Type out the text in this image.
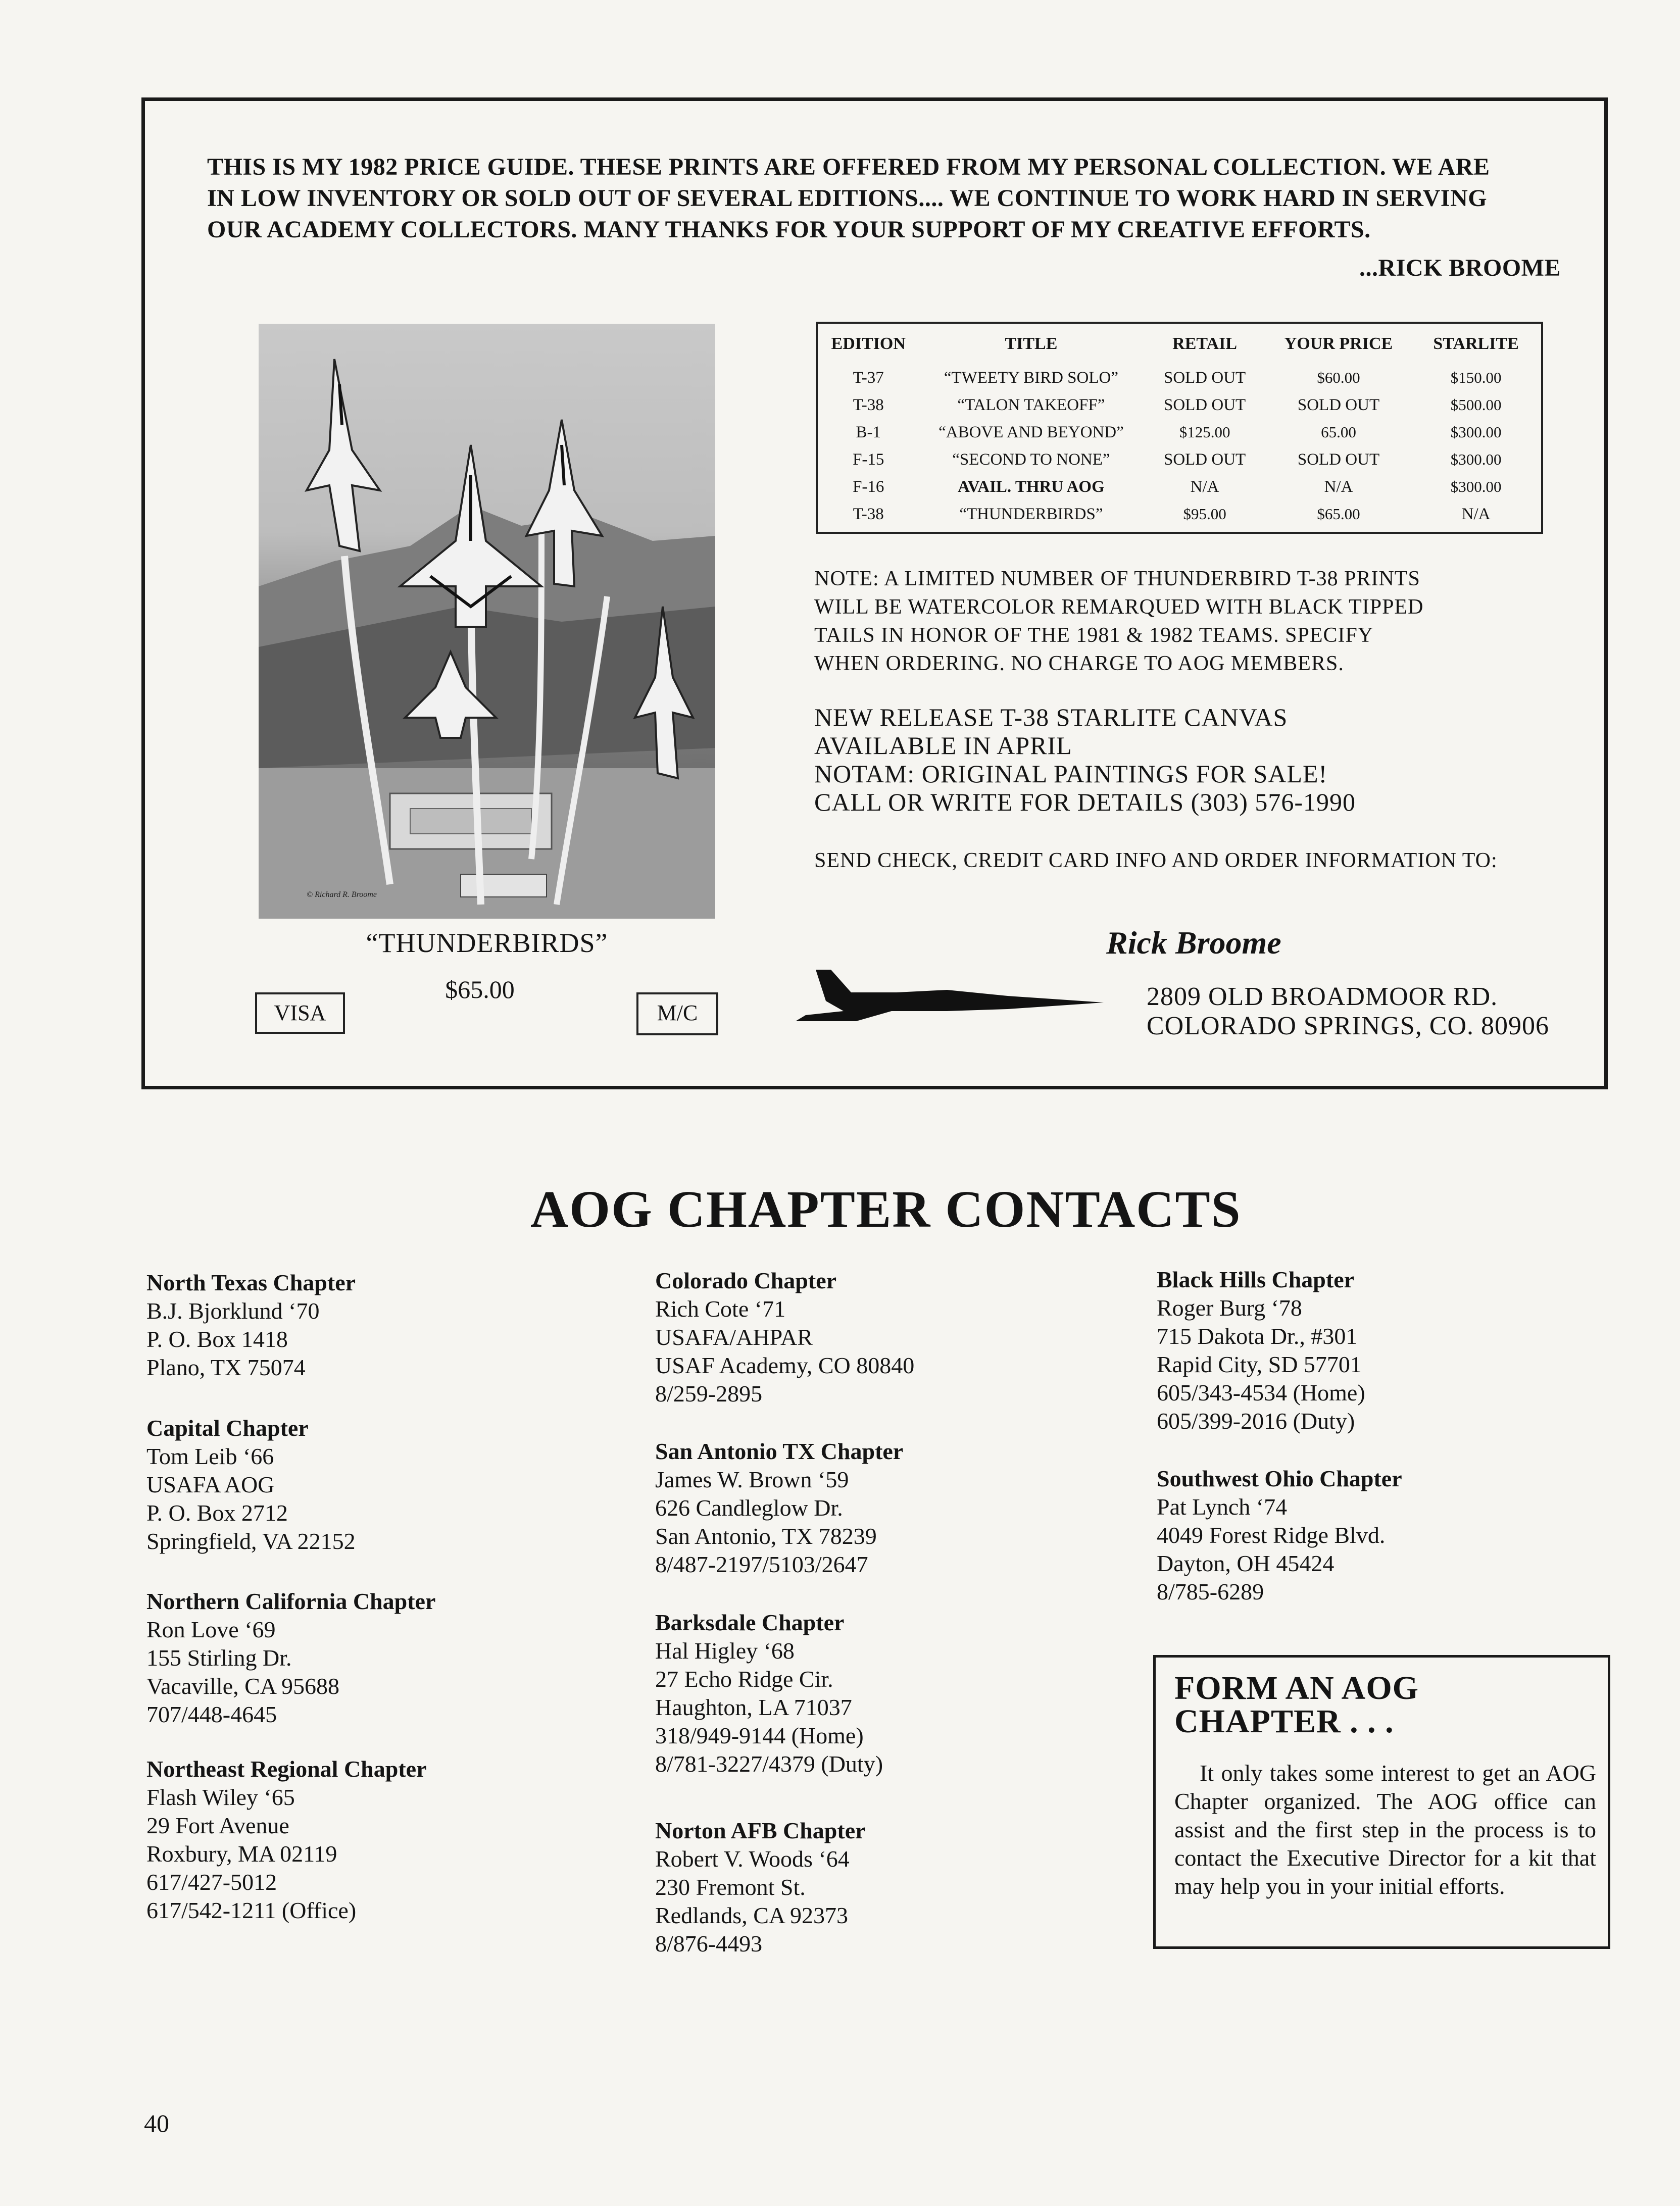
THIS IS MY 1982 PRICE GUIDE. THESE PRINTS ARE OFFERED FROM MY PERSONAL COLLECTION. WE ARE
IN LOW INVENTORY OR SOLD OUT OF SEVERAL EDITIONS.... WE CONTINUE TO WORK HARD IN SERVING
OUR ACADEMY COLLECTORS. MANY THANKS FOR YOUR SUPPORT OF MY CREATIVE EFFORTS.
...RICK BROOME
© Richard R. Broome
“THUNDERBIRDS”
$65.00
VISA	M/C
EDITION	TITLE	RETAIL	YOUR PRICE	STARLITE
T-37	“TWEETY BIRD SOLO”	SOLD OUT	$60.00	$150.00
T-38	“TALON TAKEOFF”	SOLD OUT	SOLD OUT	$500.00
B-1	“ABOVE AND BEYOND”	$125.00	65.00	$300.00
F-15	“SECOND TO NONE”	SOLD OUT	SOLD OUT	$300.00
F-16	AVAIL. THRU AOG	N/A	N/A	$300.00
T-38	“THUNDERBIRDS”	$95.00	$65.00	N/A
NOTE: A LIMITED NUMBER OF THUNDERBIRD T-38 PRINTS
WILL BE WATERCOLOR REMARQUED WITH BLACK TIPPED
TAILS IN HONOR OF THE 1981 & 1982 TEAMS. SPECIFY
WHEN ORDERING. NO CHARGE TO AOG MEMBERS.
NEW RELEASE T-38 STARLITE CANVAS
AVAILABLE IN APRIL
NOTAM: ORIGINAL PAINTINGS FOR SALE!
CALL OR WRITE FOR DETAILS (303) 576-1990
SEND CHECK, CREDIT CARD INFO AND ORDER INFORMATION TO:
Rick Broome
2809 OLD BROADMOOR RD.
COLORADO SPRINGS, CO. 80906
AOG CHAPTER CONTACTS
North Texas Chapter
B.J. Bjorklund ‘70
P. O. Box 1418
Plano, TX 75074
Capital Chapter
Tom Leib ‘66
USAFA AOG
P. O. Box 2712
Springfield, VA 22152
Northern California Chapter
Ron Love ‘69
155 Stirling Dr.
Vacaville, CA 95688
707/448-4645
Northeast Regional Chapter
Flash Wiley ‘65
29 Fort Avenue
Roxbury, MA 02119
617/427-5012
617/542-1211 (Office)
Colorado Chapter
Rich Cote ‘71
USAFA/AHPAR
USAF Academy, CO 80840
8/259-2895
San Antonio TX Chapter
James W. Brown ‘59
626 Candleglow Dr.
San Antonio, TX 78239
8/487-2197/5103/2647
Barksdale Chapter
Hal Higley ‘68
27 Echo Ridge Cir.
Haughton, LA 71037
318/949-9144 (Home)
8/781-3227/4379 (Duty)
Norton AFB Chapter
Robert V. Woods ‘64
230 Fremont St.
Redlands, CA 92373
8/876-4493
Black Hills Chapter
Roger Burg ‘78
715 Dakota Dr., #301
Rapid City, SD 57701
605/343-4534 (Home)
605/399-2016 (Duty)
Southwest Ohio Chapter
Pat Lynch ‘74
4049 Forest Ridge Blvd.
Dayton, OH 45424
8/785-6289
FORM AN AOG
CHAPTER . . .
It only takes some interest to get an AOG Chapter organized. The AOG office can assist and the first step in the process is to contact the Executive Director for a kit that may help you in your initial efforts.
40
